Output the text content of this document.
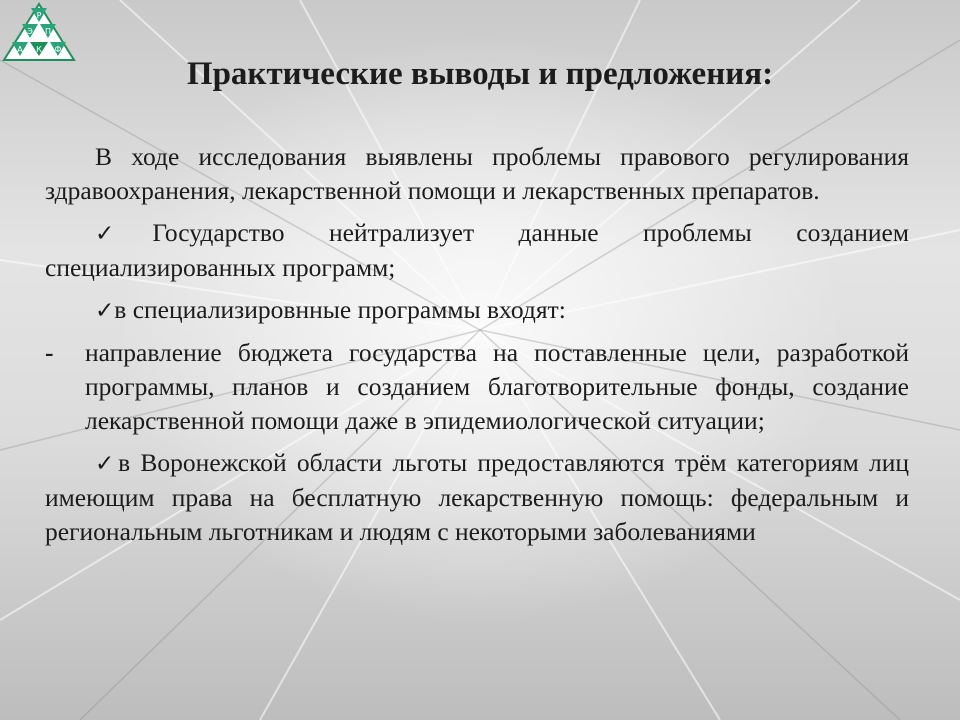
Р
Э П
К
А	Ф
Практические выводы и предложения:

В ходе исследования выявлены проблемы правового регулирования здравоохранения, лекарственной помощи и лекарственных препаратов.

✓Государство нейтрализует данные проблемы созданием специализированных программ;

✓в специализировнные программы входят:

- направление бюджета государства на поставленные цели, разработкой программы, планов и созданием благотворительные фонды, создание лекарственной помощи даже в эпидемиологической ситуации;

✓в Воронежской области льготы предоставляются трём категориям лиц имеющим права на бесплатную лекарственную помощь: федеральным и региональным льготникам и людям с некоторыми заболеваниями
